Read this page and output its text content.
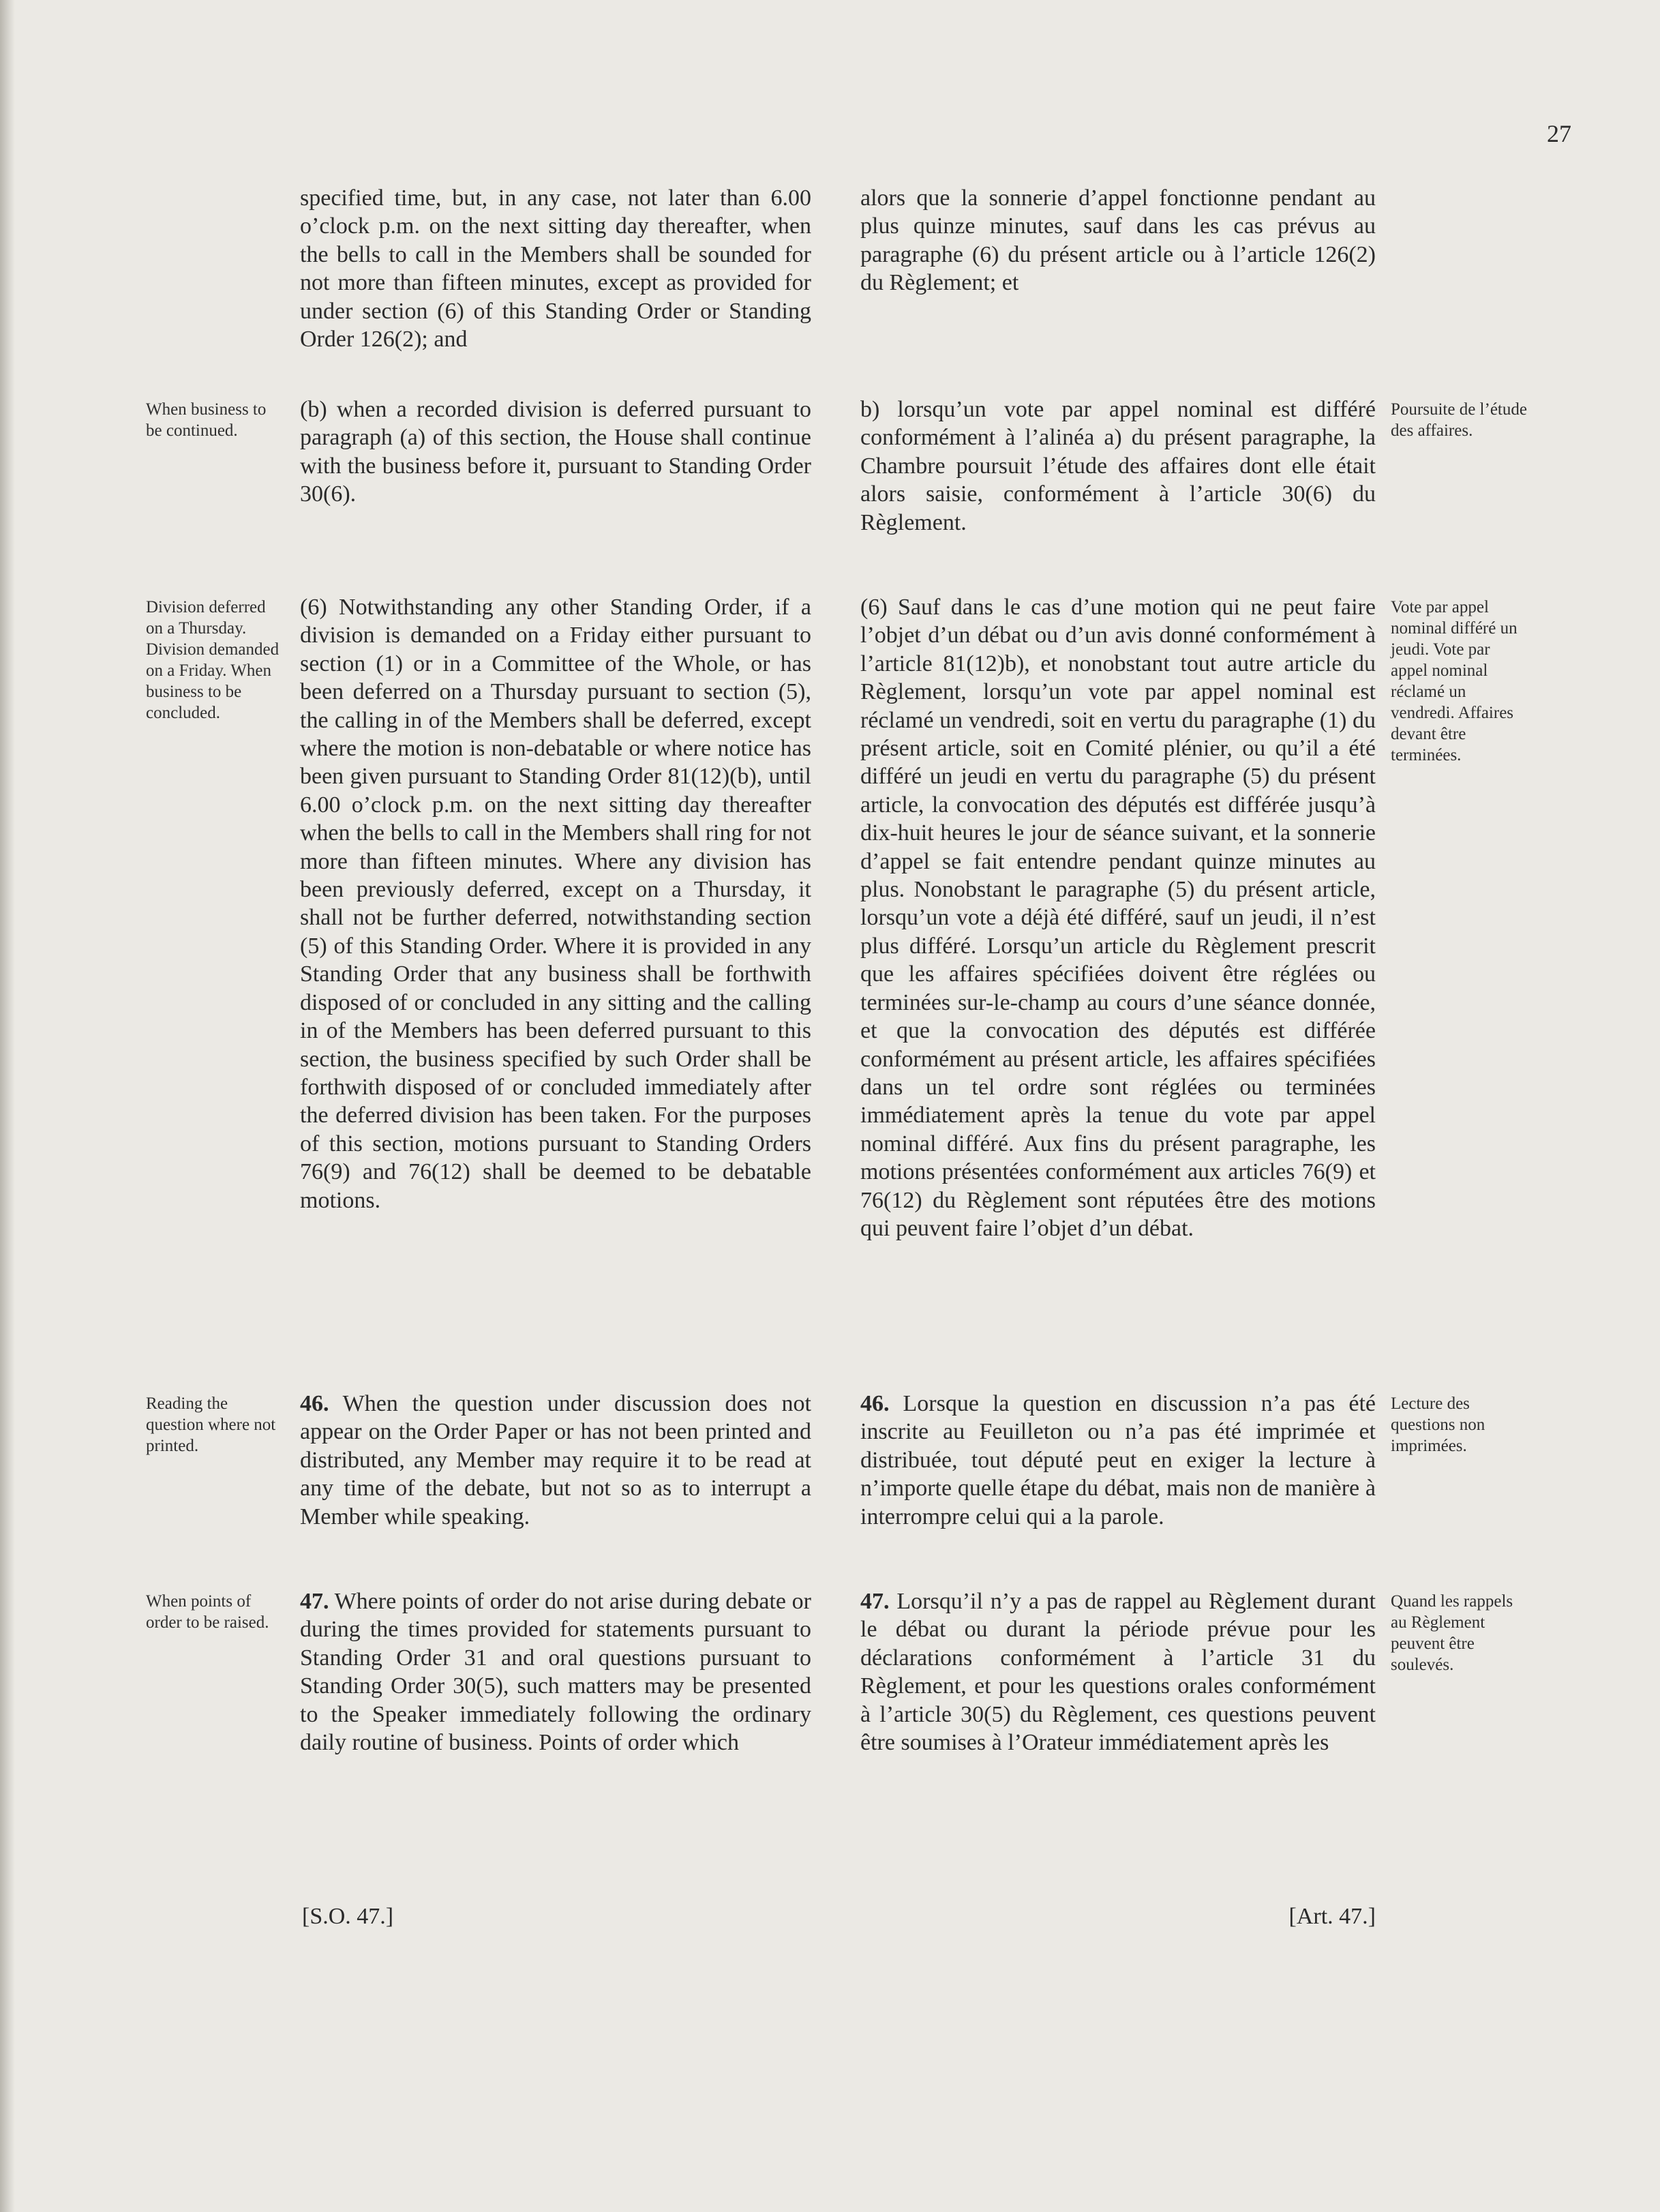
27
When business to be continued.
Division deferred on a Thursday. Division demanded on a Friday. When business to be concluded.
Reading the question where not printed.
When points of order to be raised.
Poursuite de l’étude des affaires.
Vote par appel nominal différé un jeudi. Vote par appel nominal réclamé un vendredi. Affaires devant être terminées.
Lecture des questions non imprimées.
Quand les rappels au Règlement peuvent être soulevés.
specified time, but, in any case, not later than 6.00 o’clock p.m. on the next sitting day thereafter, when the bells to call in the Members shall be sounded for not more than fifteen minutes, except as provided for under section (6) of this Standing Order or Standing Order 126(2); and
(b) when a recorded division is deferred pursuant to paragraph (a) of this section, the House shall continue with the business before it, pursuant to Standing Order 30(6).
(6) Notwithstanding any other Standing Order, if a division is demanded on a Friday either pursuant to section (1) or in a Committee of the Whole, or has been deferred on a Thursday pursuant to section (5), the calling in of the Members shall be deferred, except where the motion is non-debatable or where notice has been given pursuant to Standing Order 81(12)(b), until 6.00 o’clock p.m. on the next sitting day thereafter when the bells to call in the Members shall ring for not more than fifteen minutes. Where any division has been previously deferred, except on a Thursday, it shall not be further deferred, notwithstanding section (5) of this Standing Order. Where it is provided in any Standing Order that any business shall be forthwith disposed of or concluded in any sitting and the calling in of the Members has been deferred pursuant to this section, the business specified by such Order shall be forthwith disposed of or concluded immediately after the deferred division has been taken. For the purposes of this section, motions pursuant to Standing Orders 76(9) and 76(12) shall be deemed to be debatable motions.
46. When the question under discussion does not appear on the Order Paper or has not been printed and distributed, any Member may require it to be read at any time of the debate, but not so as to interrupt a Member while speaking.
47. Where points of order do not arise during debate or during the times provided for statements pursuant to Standing Order 31 and oral questions pursuant to Standing Order 30(5), such matters may be presented to the Speaker immediately following the ordinary daily routine of business. Points of order which
alors que la sonnerie d’appel fonctionne pendant au plus quinze minutes, sauf dans les cas prévus au paragraphe (6) du présent article ou à l’article 126(2) du Règlement; et
b) lorsqu’un vote par appel nominal est différé conformément à l’alinéa a) du présent paragraphe, la Chambre poursuit l’étude des affaires dont elle était alors saisie, conformément à l’article 30(6) du Règlement.
(6) Sauf dans le cas d’une motion qui ne peut faire l’objet d’un débat ou d’un avis donné conformément à l’article 81(12)b), et nonobstant tout autre article du Règlement, lorsqu’un vote par appel nominal est réclamé un vendredi, soit en vertu du paragraphe (1) du présent article, soit en Comité plénier, ou qu’il a été différé un jeudi en vertu du paragraphe (5) du présent article, la convocation des députés est différée jusqu’à dix-huit heures le jour de séance suivant, et la sonnerie d’appel se fait entendre pendant quinze minutes au plus. Nonobstant le paragraphe (5) du présent article, lorsqu’un vote a déjà été différé, sauf un jeudi, il n’est plus différé. Lorsqu’un article du Règlement prescrit que les affaires spécifiées doivent être réglées ou terminées sur-le-champ au cours d’une séance donnée, et que la convocation des députés est différée conformément au présent article, les affaires spécifiées dans un tel ordre sont réglées ou terminées immédiatement après la tenue du vote par appel nominal différé. Aux fins du présent paragraphe, les motions présentées conformément aux articles 76(9) et 76(12) du Règlement sont réputées être des motions qui peuvent faire l’objet d’un débat.
46. Lorsque la question en discussion n’a pas été inscrite au Feuilleton ou n’a pas été imprimée et distribuée, tout député peut en exiger la lecture à n’importe quelle étape du débat, mais non de manière à interrompre celui qui a la parole.
47. Lorsqu’il n’y a pas de rappel au Règlement durant le débat ou durant la période prévue pour les déclarations conformément à l’article 31 du Règlement, et pour les questions orales conformément à l’article 30(5) du Règlement, ces questions peuvent être soumises à l’Orateur immédiatement après les
[S.O. 47.]	[Art. 47.]
